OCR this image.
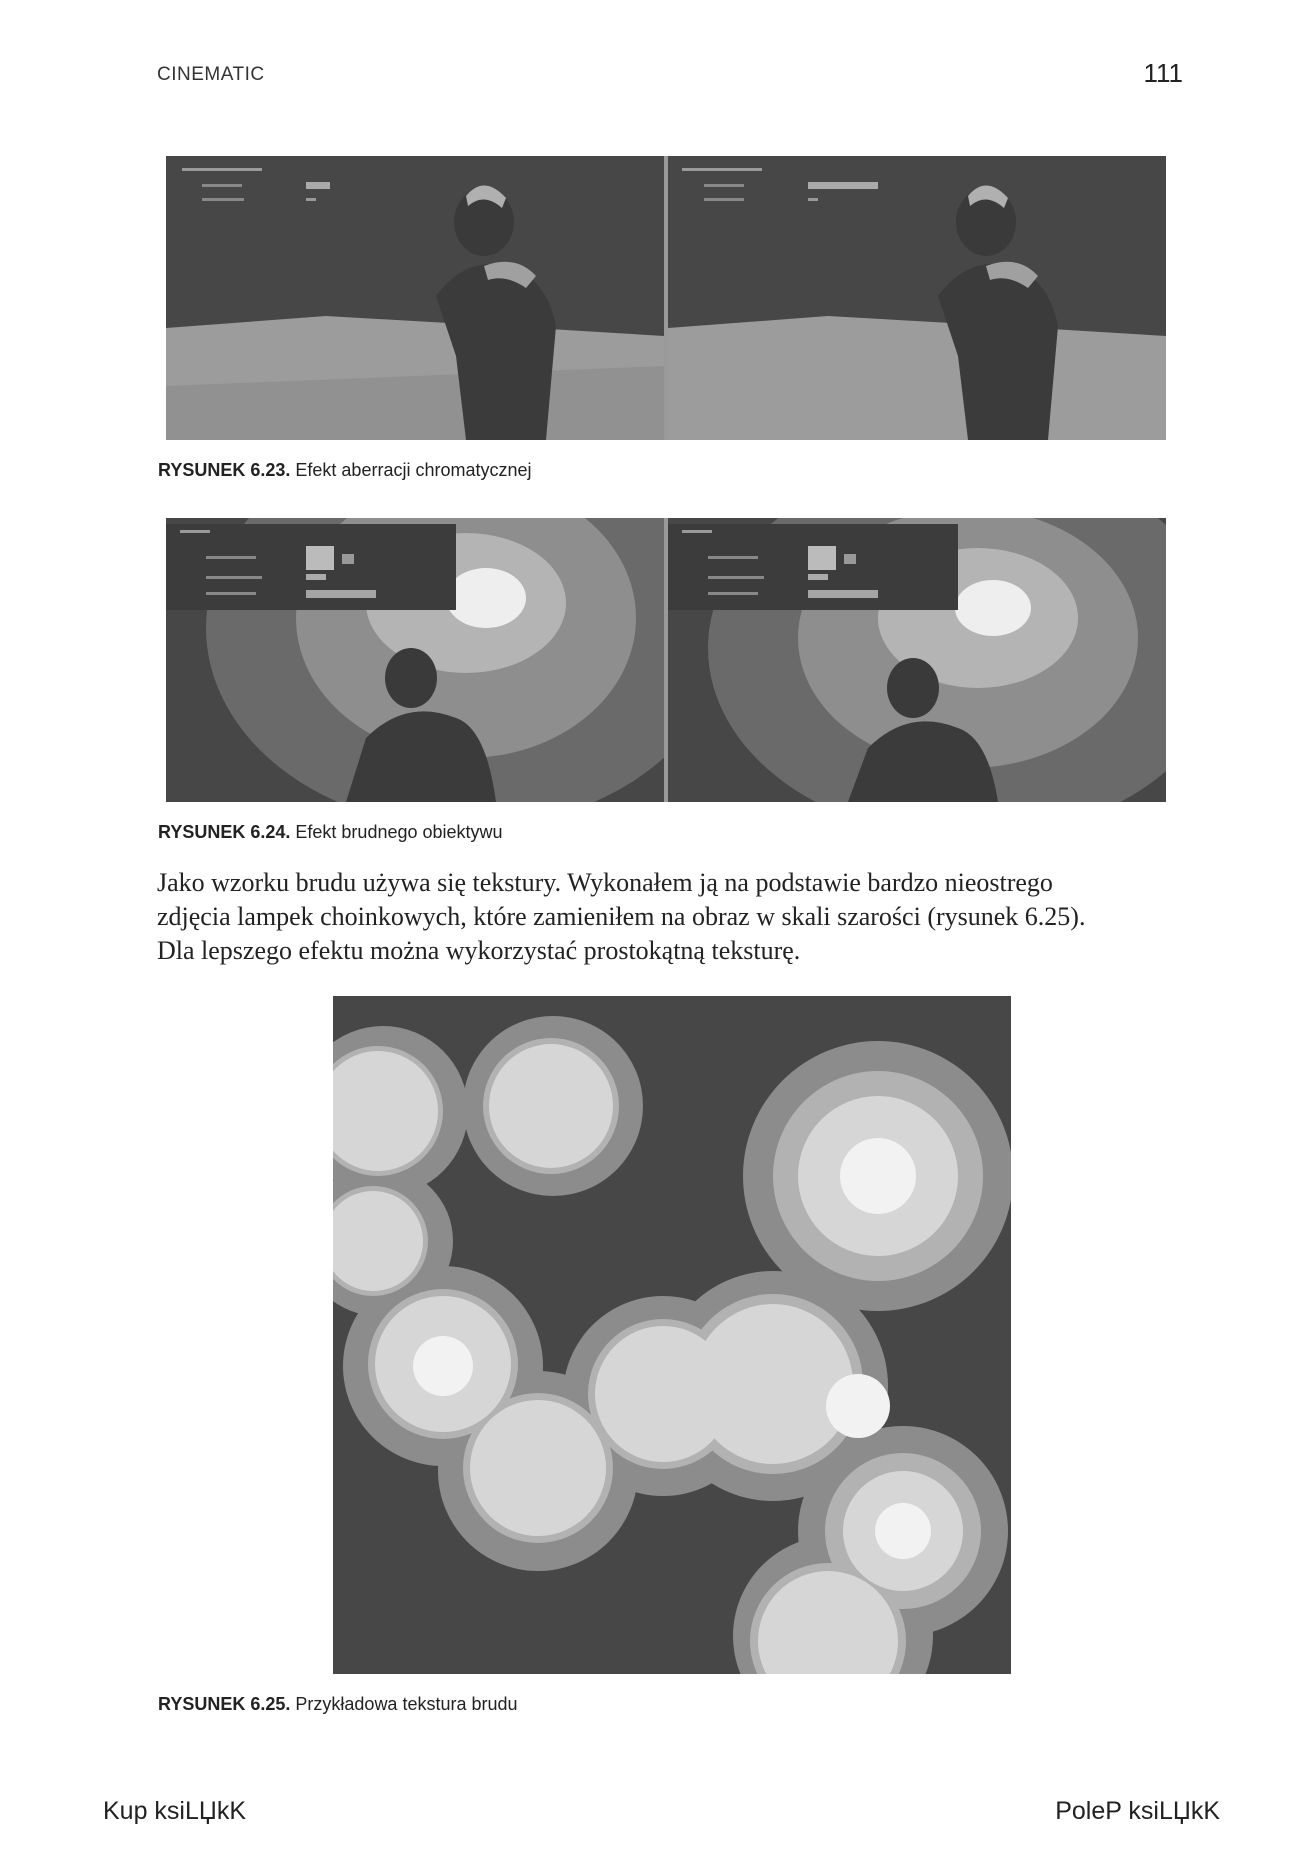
CINEMATIC	111
RYSUNEK 6.23. Efekt aberracji chromatycznej
RYSUNEK 6.24. Efekt brudnego obiektywu
Jako wzorku brudu używa się tekstury. Wykonałem ją na podstawie bardzo nieostrego
zdjęcia lampek choinkowych, które zamieniłem na obraz w skali szarości (rysunek 6.25).
Dla lepszego efektu można wykorzystać prostokątną teksturę.
RYSUNEK 6.25. Przykładowa tekstura brudu
Kup ksiLЏkK	PoleP ksiLЏkK
